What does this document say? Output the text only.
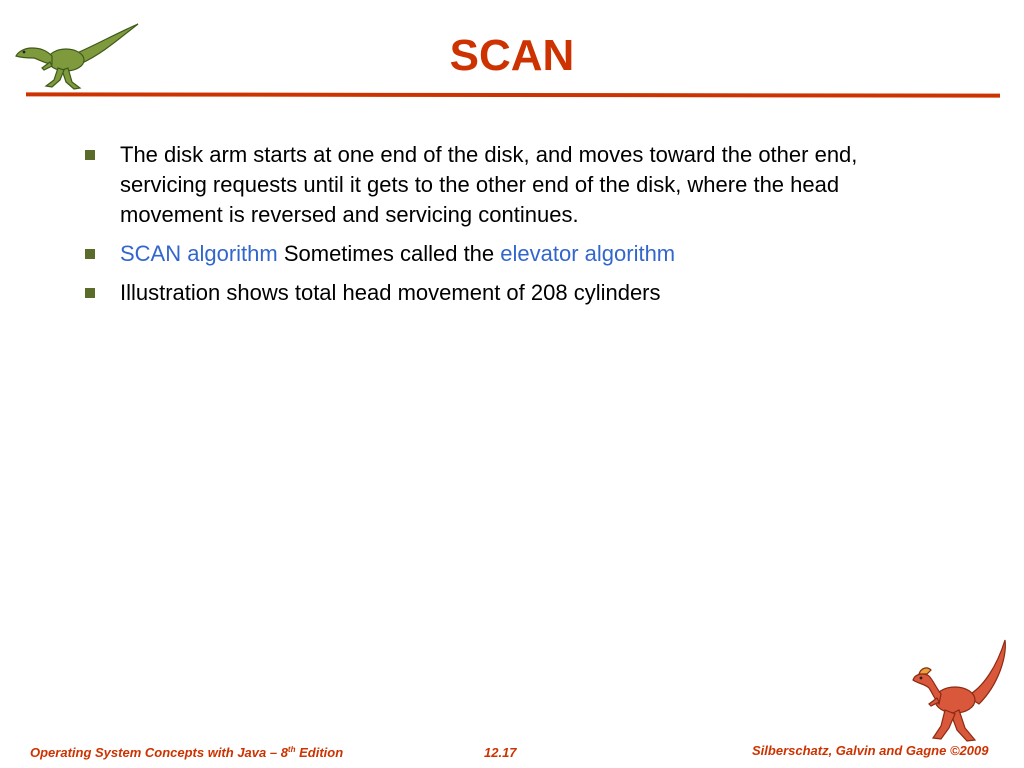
SCAN
The disk arm starts at one end of the disk, and moves toward the other end, servicing requests until it gets to the other end of the disk, where the head movement is reversed and servicing continues.
SCAN algorithm Sometimes called the elevator algorithm
Illustration shows total head movement of 208 cylinders
Operating System Concepts with Java – 8th Edition	12.17	Silberschatz, Galvin and Gagne ©2009
